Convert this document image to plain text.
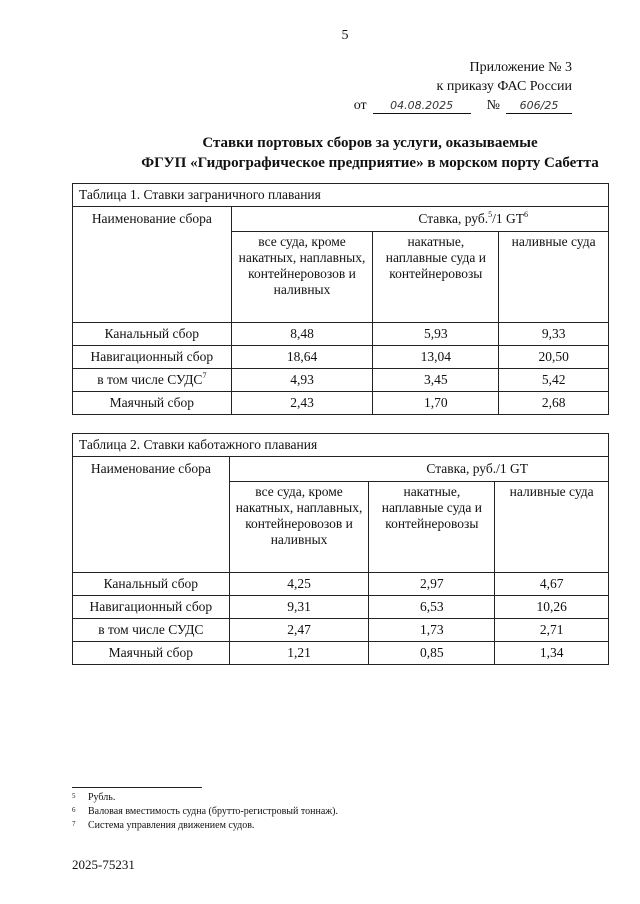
5
Приложение № 3
к приказу ФАС России
от	04.08.2025	№	606/25
Ставки портовых сборов за услуги, оказываемые
ФГУП «Гидрографическое предприятие» в морском порту Сабетта
Таблица 1. Ставки заграничного плавания			
Наименование сбора	Ставка, руб.$^5$/1 $GT^6$
	все суда, кроме накатных, наплавных, контейнеровозов и наливных	накатные, наплавные суда и контейнеровозы	наливные суда
Канальный сбор	8,48	5,93	9,33
Навигационный сбор	18,64	13,04	20,50
в том числе СУДС$^7$	4,93	3,45	5,42
Маячный сбор	2,43	1,70	2,68
Таблица 2. Ставки каботажного плавания			
Наименование сбора	Ставка, руб./1 GT		
	все суда, кроме накатных, наплавных, контейнеровозов и наливных	накатные, наплавные суда и контейнеровозы	наливные суда
Канальный сбор	4,25	2,97	4,67
Навигационный сбор	9,31	6,53	10,26
в том числе СУДС	2,47	1,73	2,71
Маячный сбор	1,21	0,85	1,34
5	Рубль.
6	Валовая вместимость судна (брутто-регистровый тоннаж).
7	Система управления движением судов.
2025-75231
